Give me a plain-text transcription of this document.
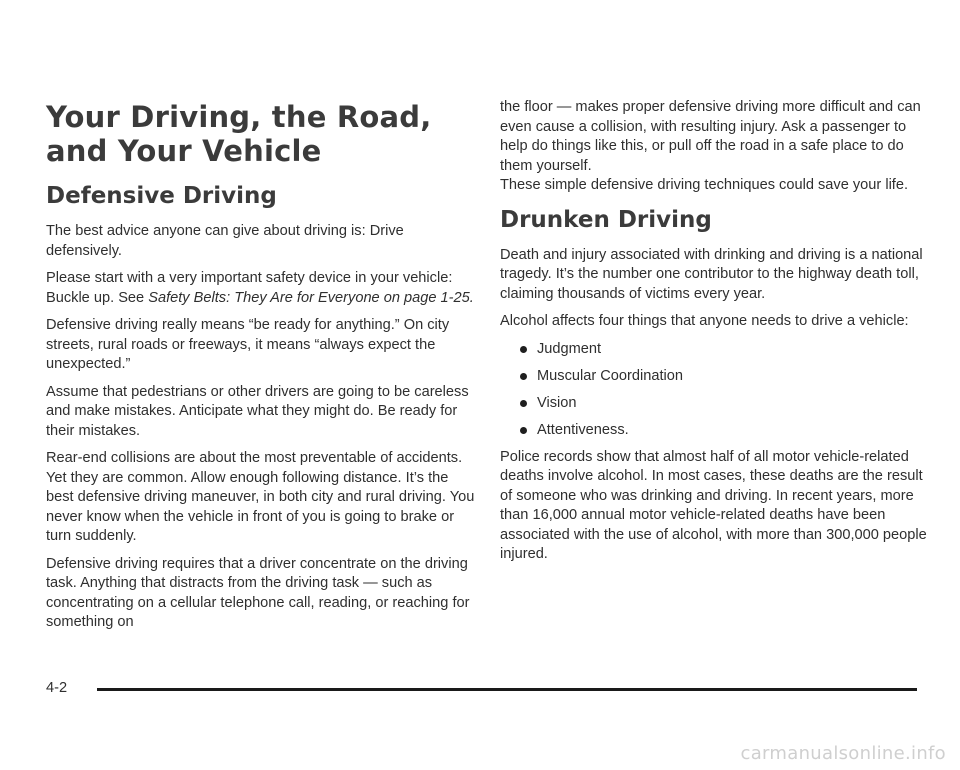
Your Driving, the Road, and Your Vehicle
Defensive Driving

The best advice anyone can give about driving is: Drive defensively.

Please start with a very important safety device in your vehicle: Buckle up. See Safety Belts: They Are for Everyone on page 1-25.

Defensive driving really means “be ready for anything.” On city streets, rural roads or freeways, it means “always expect the unexpected.”

Assume that pedestrians or other drivers are going to be careless and make mistakes. Anticipate what they might do. Be ready for their mistakes.

Rear-end collisions are about the most preventable of accidents. Yet they are common. Allow enough following distance. It’s the best defensive driving maneuver, in both city and rural driving. You never know when the vehicle in front of you is going to brake or turn suddenly.

Defensive driving requires that a driver concentrate on the driving task. Anything that distracts from the driving task — such as concentrating on a cellular telephone call, reading, or reaching for something on

the floor — makes proper defensive driving more difficult and can even cause a collision, with resulting injury. Ask a passenger to help do things like this, or pull off the road in a safe place to do them yourself.

These simple defensive driving techniques could save your life.

Drunken Driving

Death and injury associated with drinking and driving is a national tragedy. It’s the number one contributor to the highway death toll, claiming thousands of victims every year.

Alcohol affects four things that anyone needs to drive a vehicle:

Judgment
Muscular Coordination
Vision
Attentiveness.

Police records show that almost half of all motor vehicle-related deaths involve alcohol. In most cases, these deaths are the result of someone who was drinking and driving. In recent years, more than 16,000 annual motor vehicle-related deaths have been associated with the use of alcohol, with more than 300,000 people injured.

4-2
carmanualsonline.info
